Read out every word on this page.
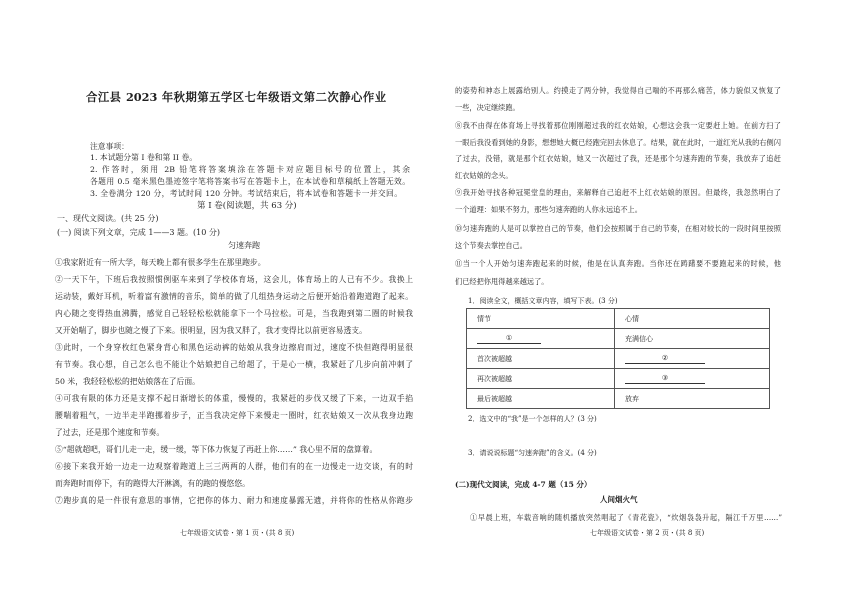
合江县 2023 年秋期第五学区七年级语文第二次静心作业
注意事项：
1. 本试题分第 I 卷和第 II 卷。
2. 作答时，须用 2B 铅笔将答案填涂在答题卡对应题目标号的位置上，其余
各题用 0.5 毫米黑色墨迹签字笔将答案书写在答题卡上，在本试卷和草稿纸上答题无效。
3. 全卷满分 120 分，考试时间 120 分钟。考试结束后，将本试卷和答题卡一并交回。
第 I 卷(阅读题，共 63 分)
一、现代文阅读。(共 25 分)
(一) 阅读下列文章，完成 1——3 题。(10 分)
匀速奔跑
①我家附近有一所大学，每天晚上都有很多学生在那里跑步。
②一天下午，下班后我按照惯例驱车来到了学校体育场，这会儿，体育场上的人已有不少。我换上
运动装，戴好耳机，听着富有激情的音乐，简单的做了几组热身运动之后便开始沿着跑道跑了起来。
内心随之变得热血沸腾，感觉自己轻轻松松就能拿下一个马拉松。可是，当我跑到第二圈的时候我
又开始喘了，脚步也随之慢了下来。很明显，因为我又胖了，我才变得比以前更容易透支。
③此时，一个身穿枚红色紧身背心和黑色运动裤的姑娘从我身边擦肩而过，速度不快但跑得明显很
有节奏。我心想，自己怎么也不能让个姑娘把自己给超了，于是心一横，我紧赶了几步向前冲刺了
50 米，我轻轻松松的把姑娘落在了后面。
④可我有限的体力还是支撑不起日渐增长的体重，慢慢的，我紧赶的步伐又缓了下来，一边双手掐
腰喘着粗气，一边半走半跑挪着步子，正当我决定停下来慢走一圈时，红衣姑娘又一次从我身边跑
了过去，还是那个速度和节奏。
⑤“超就超吧，哥们儿走一走，缓一缓，等下体力恢复了再赶上你……” 我心里不屑的盘算着。
⑥接下来我开始一边走一边观察着跑道上三三两两的人群，他们有的在一边慢走一边交谈，有的时
而奔跑时而停下，有的跑得大汗淋漓，有的跑的慢悠悠。
⑦跑步真的是一件很有意思的事情，它把你的体力、耐力和速度暴露无遗，并将你的性格从你跑步
七年级语文试卷・第 1 页・(共 8 页)
的姿势和神态上展露给别人。约摸走了两分钟，我觉得自己喘的不再那么痛苦，体力貌似又恢复了
一些，决定继续跑。
⑧我不由得在体育场上寻找着那位刚刚超过我的红衣姑娘，心想这会我一定要赶上她。在前方扫了
一眼后我没看到她的身影，想想她大概已经跑完回去休息了。结果，就在此时，一道红光从我的右侧闪
了过去，没错，就是那个红衣姑娘，她又一次超过了我，还是那个匀速奔跑的节奏，我放弃了追赶
红衣姑娘的念头。
⑨我开始寻找各种冠冕堂皇的理由，来解释自己追赶不上红衣姑娘的原因。但最终，我忽然明白了
一个道理：如果不努力，那些匀速奔跑的人你永远追不上。
⑩匀速奔跑的人是可以掌控自己的节奏，他们会按照属于自己的节奏，在相对较长的一段时间里按照
这个节奏去掌控自己。
⑪当一个人开始匀速奔跑起来的时候，他是在认真奔跑。当你还在踌躇要不要跑起来的时候，他
们已经把你甩得越来越远了。
1．阅读全文，概括文章内容，填写下表。(3 分)
情节	心情
①	充满信心
首次被超越	②
再次被超越	③
最后被超越	放弃
2．选文中的“我”是一个怎样的人？(3 分)
3．请说说标题“匀速奔跑”的含义。(4 分)
(二)现代文阅读，完成 4-7 题（15 分）
人间烟火气
①早晨上班，车载音响的随机播放突然唱起了《青花瓷》，“炊烟袅袅升起，隔江千万里……”
七年级语文试卷・第 2 页・(共 8 页)
